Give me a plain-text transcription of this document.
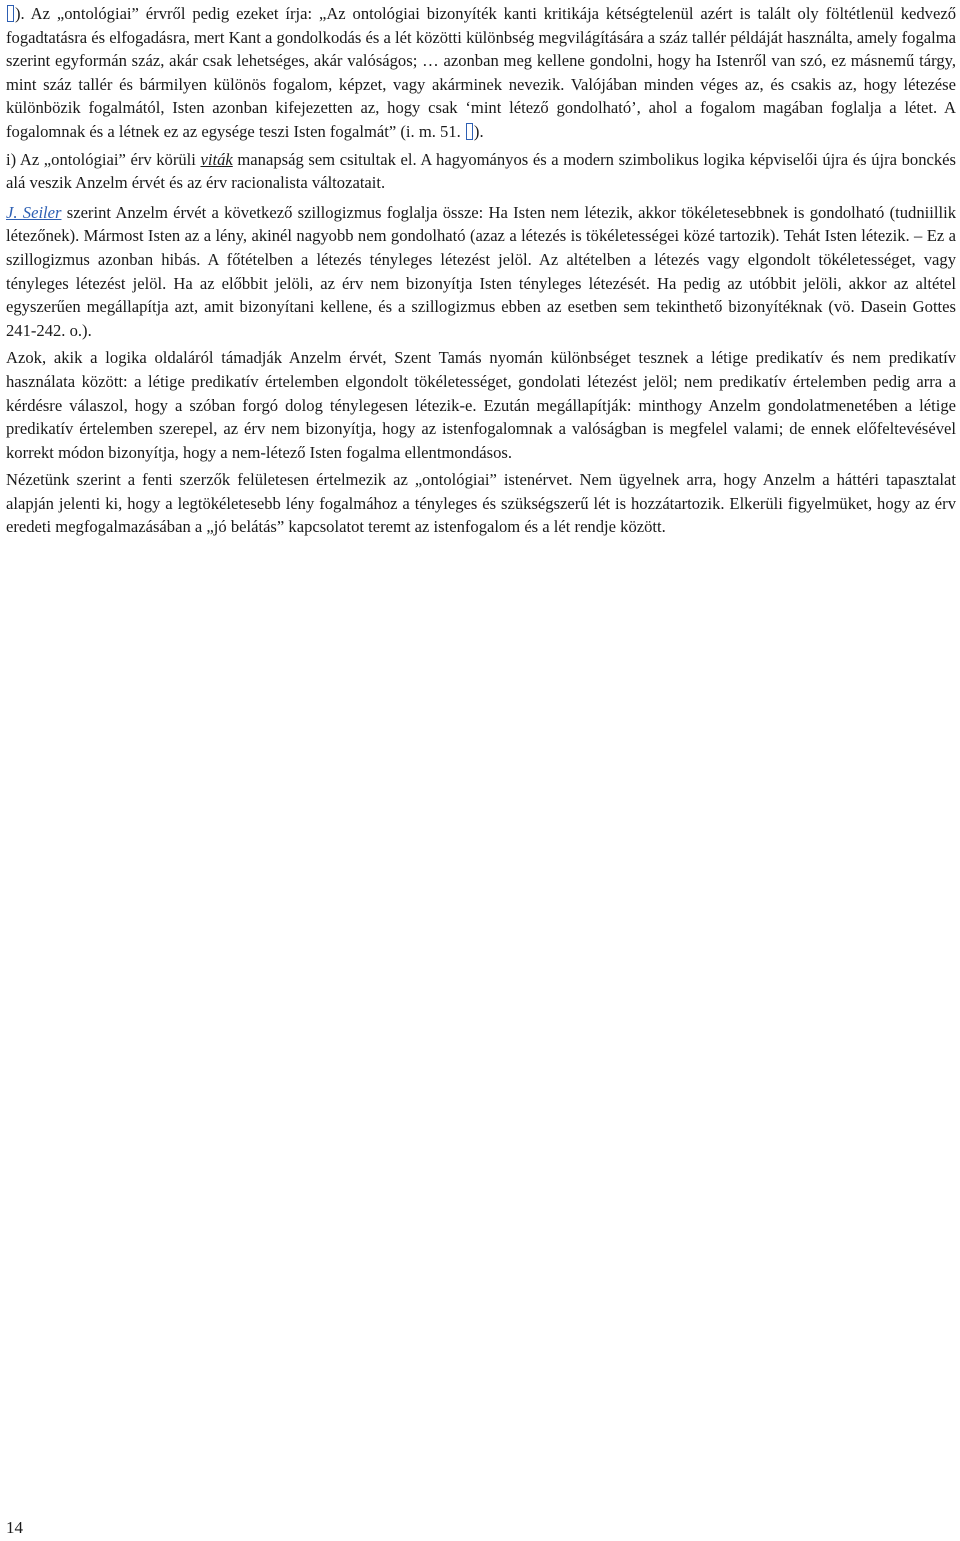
). Az „ontológiai” érvről pedig ezeket írja: „Az ontológiai bizonyíték kanti kritikája kétségtelenül azért is talált oly föltétlenül kedvező fogadtatásra és elfogadásra, mert Kant a gondolkodás és a lét közötti különbség megvilágítására a száz tallér példáját használta, amely fogalma szerint egyformán száz, akár csak lehetséges, akár valóságos; … azonban meg kellene gondolni, hogy ha Istenről van szó, ez másnemű tárgy, mint száz tallér és bármilyen különös fogalom, képzet, vagy akárminek nevezik. Valójában minden véges az, és csakis az, hogy létezése különbözik fogalmától, Isten azonban kifejezetten az, hogy csak ‘mint létező gondolható’, ahol a fogalom magában foglalja a létet. A fogalomnak és a létnek ez az egysége teszi Isten fogalmát” (i. m. 51. ).

i) Az „ontológiai” érv körüli viták manapság sem csitultak el. A hagyományos és a modern szimbolikus logika képviselői újra és újra bonckés alá veszik Anzelm érvét és az érv racionalista változatait.

J. Seiler szerint Anzelm érvét a következő szillogizmus foglalja össze: Ha Isten nem létezik, akkor tökéletesebbnek is gondolható (tudniillik létezőnek). Mármost Isten az a lény, akinél nagyobb nem gondolható (azaz a létezés is tökéletességei közé tartozik). Tehát Isten létezik. – Ez a szillogizmus azonban hibás. A főtételben a létezés tényleges létezést jelöl. Az altételben a létezés vagy elgondolt tökéletességet, vagy tényleges létezést jelöl. Ha az előbbit jelöli, az érv nem bizonyítja Isten tényleges létezését. Ha pedig az utóbbit jelöli, akkor az altétel egyszerűen megállapítja azt, amit bizonyítani kellene, és a szillogizmus ebben az esetben sem tekinthető bizonyítéknak (vö. Dasein Gottes 241-242. o.).

Azok, akik a logika oldaláról támadják Anzelm érvét, Szent Tamás nyomán különbséget tesznek a létige predikatív és nem predikatív használata között: a létige predikatív értelemben elgondolt tökéletességet, gondolati létezést jelöl; nem predikatív értelemben pedig arra a kérdésre válaszol, hogy a szóban forgó dolog ténylegesen létezik-e. Ezután megállapítják: minthogy Anzelm gondolatmenetében a létige predikatív értelemben szerepel, az érv nem bizonyítja, hogy az istenfogalomnak a valóságban is megfelel valami; de ennek előfeltevésével korrekt módon bizonyítja, hogy a nem-létező Isten fogalma ellentmondásos.

Nézetünk szerint a fenti szerzők felületesen értelmezik az „ontológiai” istenérvet. Nem ügyelnek arra, hogy Anzelm a háttéri tapasztalat alapján jelenti ki, hogy a legtökéletesebb lény fogalmához a tényleges és szükségszerű lét is hozzátartozik. Elkerüli figyelmüket, hogy az érv eredeti megfogalmazásában a „jó belátás” kapcsolatot teremt az istenfogalom és a lét rendje között.

14
